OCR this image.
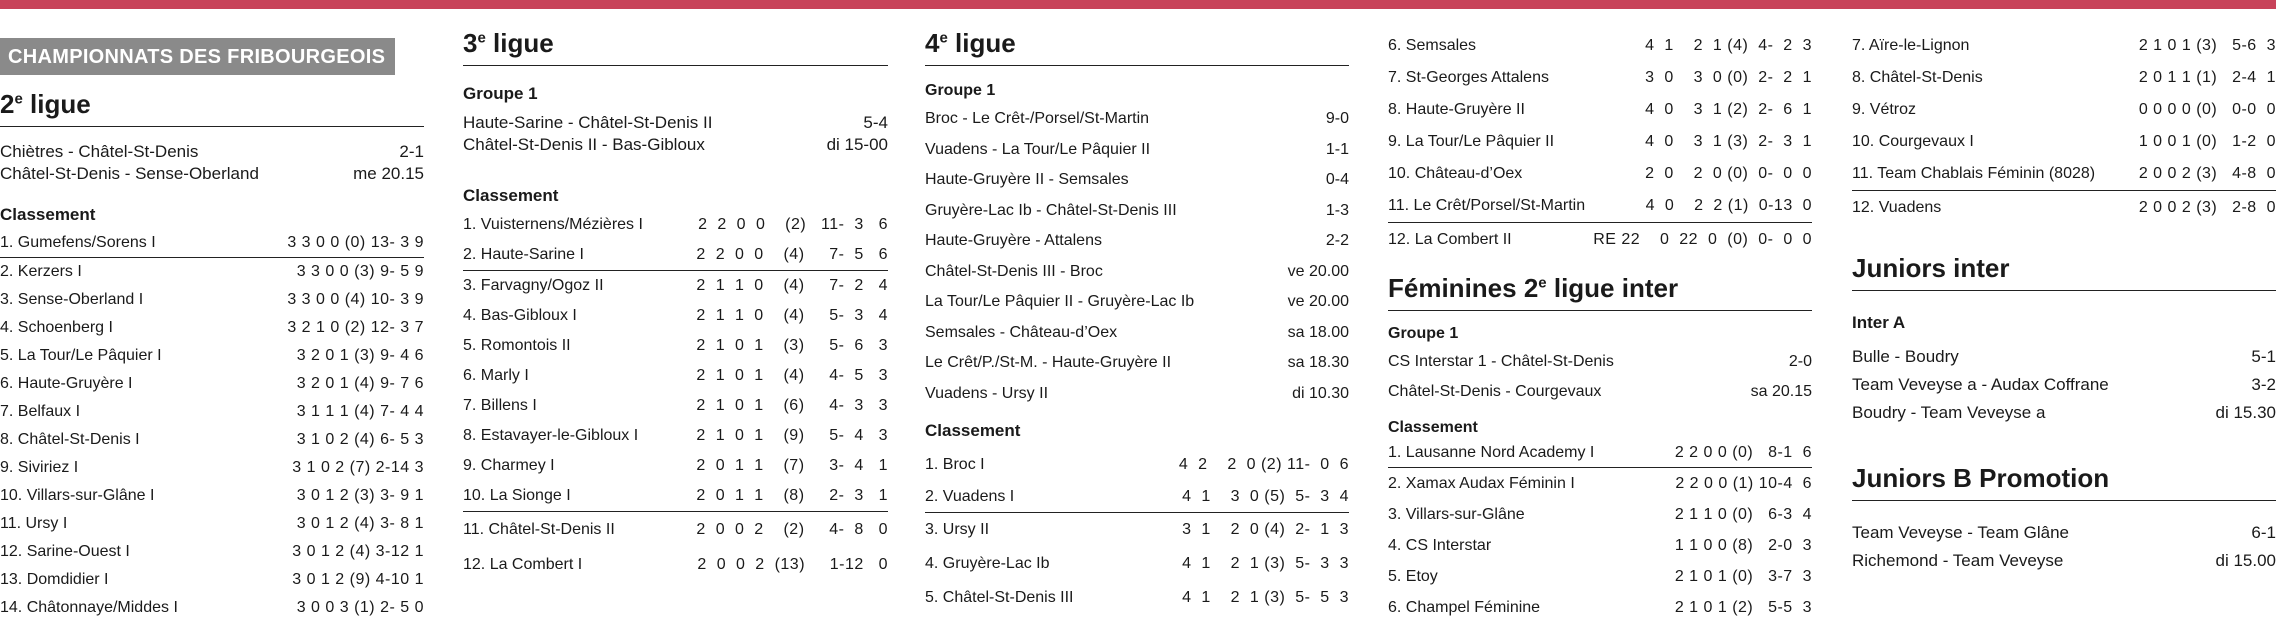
CHAMPIONNATS DES FRIBOURGEOIS
2e ligue
Chiètres - Châtel-St-Denis	2-1
Châtel-St-Denis - Sense-Oberland	me 20.15
Classement
1. Gumefens/Sorens I	3 3 0 0 (0) 13- 3 9
2. Kerzers I	3 3 0 0 (3) 9- 5 9
3. Sense-Oberland I	3 3 0 0 (4) 10- 3 9
4. Schoenberg I	3 2 1 0 (2) 12- 3 7
5. La Tour/Le Pâquier I	3 2 0 1 (3) 9- 4 6
6. Haute-Gruyère I	3 2 0 1 (4) 9- 7 6
7. Belfaux I	3 1 1 1 (4) 7- 4 4
8. Châtel-St-Denis I	3 1 0 2 (4) 6- 5 3
9. Siviriez I	3 1 0 2 (7) 2-14 3
10. Villars-sur-Glâne I	3 0 1 2 (3) 3- 9 1
11. Ursy I	3 0 1 2 (4) 3- 8 1
12. Sarine-Ouest I	3 0 1 2 (4) 3-12 1
13. Domdidier I	3 0 1 2 (9) 4-10 1
14. Châtonnaye/Middes I	3 0 0 3 (1) 2- 5 0
3e ligue
Groupe 1
Haute-Sarine - Châtel-St-Denis II	5-4
Châtel-St-Denis II - Bas-Gibloux	di 15-00
Classement
1. Vuisternens/Mézières I	2  2  0  0    (2)   11-  3   6
2. Haute-Sarine I	2  2  0  0    (4)     7-  5   6
3. Farvagny/Ogoz II	2  1  1  0    (4)     7-  2   4
4. Bas-Gibloux I	2  1  1  0    (4)     5-  3   4
5. Romontois II	2  1  0  1    (3)     5-  6   3
6. Marly I	2  1  0  1    (4)     4-  5   3
7. Billens I	2  1  0  1    (6)     4-  3   3
8. Estavayer-le-Gibloux I	2  1  0  1    (9)     5-  4   3
9. Charmey I	2  0  1  1    (7)     3-  4   1
10. La Sionge I	2  0  1  1    (8)     2-  3   1
11. Châtel-St-Denis II	2  0  0  2    (2)     4-  8   0
12. La Combert I	2  0  0  2  (13)     1-12   0
4e ligue
Groupe 1
Broc - Le Crêt-/Porsel/St-Martin	9-0
Vuadens - La Tour/Le Pâquier II	1-1
Haute-Gruyère II - Semsales	0-4
Gruyère-Lac Ib - Châtel-St-Denis III	1-3
Haute-Gruyère - Attalens	2-2
Châtel-St-Denis III - Broc	ve 20.00
La Tour/Le Pâquier II - Gruyère-Lac Ib	ve 20.00
Semsales - Château-d’Oex	sa 18.00
Le Crêt/P./St-M. - Haute-Gruyère II	sa 18.30
Vuadens - Ursy II	di 10.30
Classement
1. Broc I	4  2    2  0 (2) 11-  0  6
2. Vuadens I	4  1    3  0 (5)  5-  3  4
3. Ursy II	3  1    2  0 (4)  2-  1  3
4. Gruyère-Lac Ib	4  1    2  1 (3)  5-  3  3
5. Châtel-St-Denis III	4  1    2  1 (3)  5-  5  3
6. Semsales	4  1    2  1 (4)  4-  2  3
7. St-Georges Attalens	3  0    3  0 (0)  2-  2  1
8. Haute-Gruyère II	4  0    3  1 (2)  2-  6  1
9. La Tour/Le Pâquier II	4  0    3  1 (3)  2-  3  1
10. Château-d’Oex	2  0    2  0 (0)  0-  0  0
11. Le Crêt/Porsel/St-Martin	4  0    2  2 (1)  0-13  0
12. La Combert II	RE 22    0  22  0  (0)  0-  0  0
Féminines 2e ligue inter
Groupe 1
CS Interstar 1 - Châtel-St-Denis	2-0
Châtel-St-Denis - Courgevaux	sa 20.15
Classement
1. Lausanne Nord Academy I	2 2 0 0 (0)   8-1  6
2. Xamax Audax Féminin I	2 2 0 0 (1) 10-4  6
3. Villars-sur-Glâne	2 1 1 0 (0)   6-3  4
4. CS Interstar	1 1 0 0 (8)   2-0  3
5. Etoy	2 1 0 1 (0)   3-7  3
6. Champel Féminine	2 1 0 1 (2)   5-5  3
7. Aïre-le-Lignon	2 1 0 1 (3)   5-6  3
8. Châtel-St-Denis	2 0 1 1 (1)   2-4  1
9. Vétroz	0 0 0 0 (0)   0-0  0
10. Courgevaux I	1 0 0 1 (0)   1-2  0
11. Team Chablais Féminin (8028)	2 0 0 2 (3)   4-8  0
12. Vuadens	2 0 0 2 (3)   2-8  0
Juniors inter
Inter A
Bulle - Boudry	5-1
Team Veveyse a - Audax Coffrane	3-2
Boudry - Team Veveyse a	di 15.30
Juniors B Promotion
Team Veveyse - Team Glâne	6-1
Richemond - Team Veveyse	di 15.00
